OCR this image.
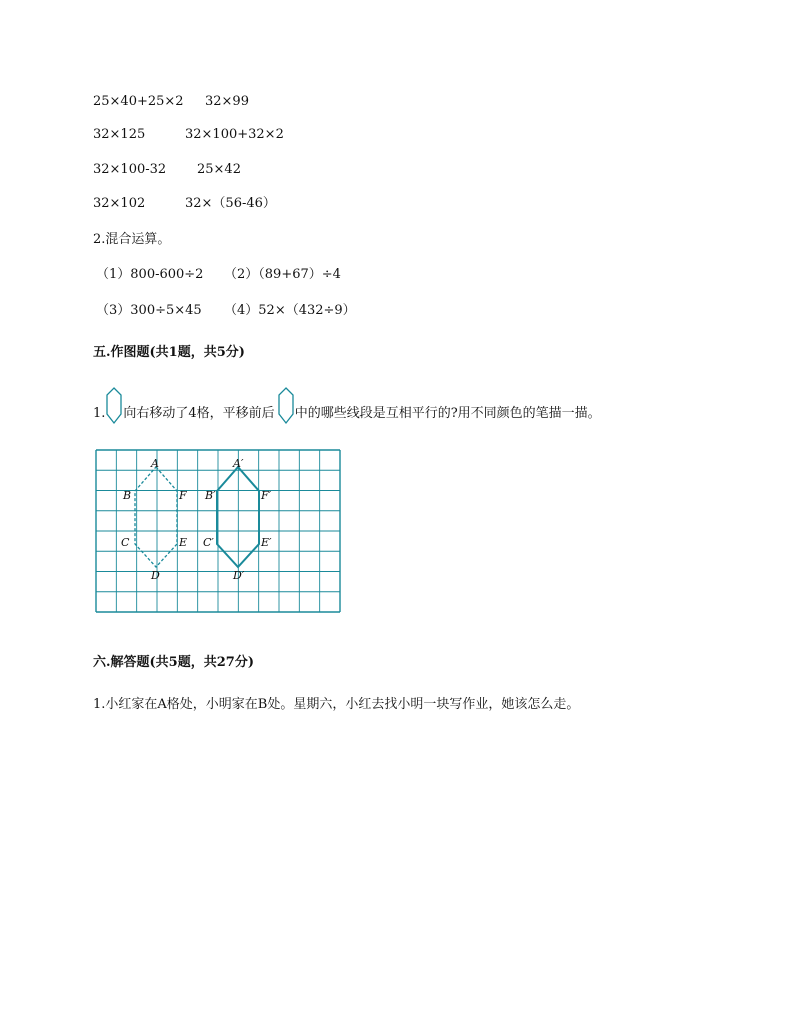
25×40+25×2 32×99
32×125	32×100+32×2
32×100-32 25×42
32×102	32×（56-46）
2.混合运算。
（1）800-600÷2 （2）（89+67）÷4
（3）300÷5×45 （4）52×（432÷9）
五.作图题(共1题，共5分)
1. 向右移动了4格，平移前后 中的哪些线段是互相平行的?用不同颜色的笔描一描。
A
B	F
C	E
D
A′
B′	F′
C′	E′
D′
六.解答题(共5题，共27分)
1.小红家在A格处，小明家在B处。星期六，小红去找小明一块写作业，她该怎么走。
